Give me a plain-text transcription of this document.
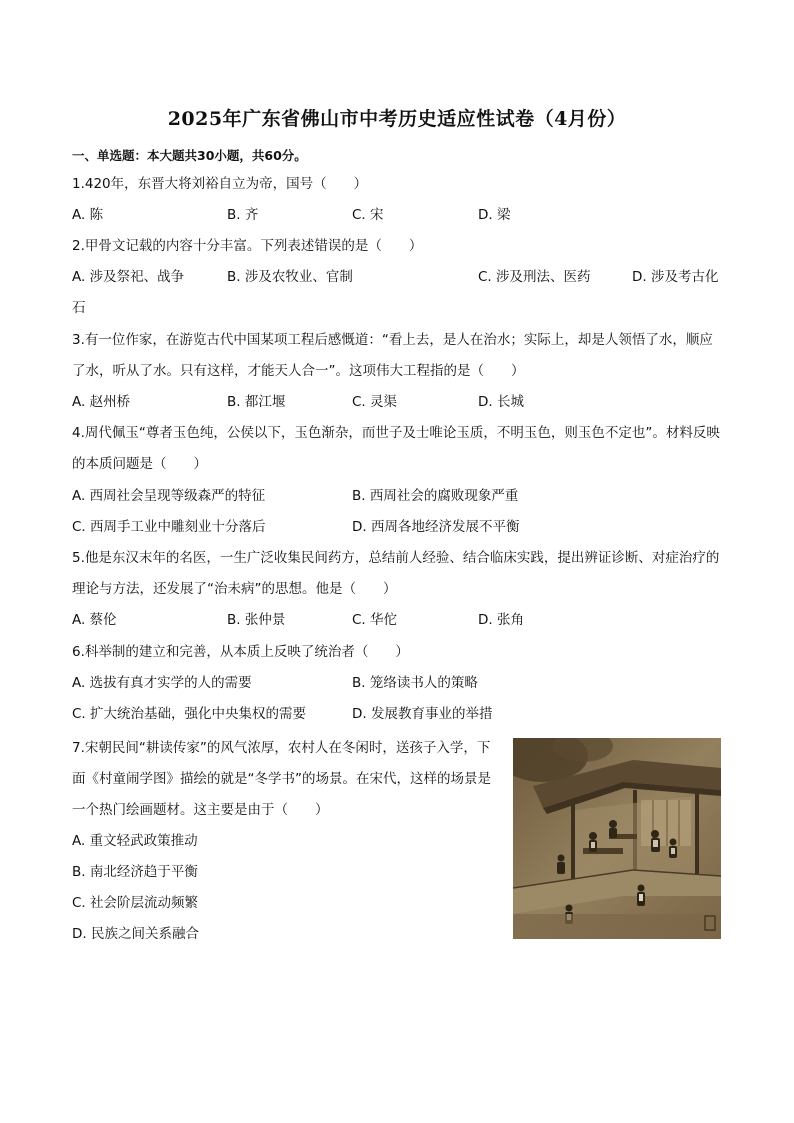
2025年广东省佛山市中考历史适应性试卷（4月份）
一、单选题：本大题共30小题，共60分。
1.420年，东晋大将刘裕自立为帝，国号（　　）
A. 陈	B. 齐	C. 宋	D. 梁
2.甲骨文记载的内容十分丰富。下列表述错误的是（　　）
A. 涉及祭祀、战争	B. 涉及农牧业、官制	C. 涉及刑法、医药	D. 涉及考古化
石
3.有一位作家，在游览古代中国某项工程后感慨道：“看上去，是人在治水；实际上，却是人领悟了水，顺应了水，听从了水。只有这样，才能天人合一”。这项伟大工程指的是（　　）
A. 赵州桥	B. 都江堰	C. 灵渠	D. 长城
4.周代佩玉“尊者玉色纯，公侯以下，玉色渐杂，而世子及士唯论玉质，不明玉色，则玉色不定也”。材料反映的本质问题是（　　）
A. 西周社会呈现等级森严的特征	B. 西周社会的腐败现象严重
C. 西周手工业中雕刻业十分落后	D. 西周各地经济发展不平衡
5.他是东汉末年的名医，一生广泛收集民间药方，总结前人经验、结合临床实践，提出辨证诊断、对症治疗的理论与方法，还发展了“治未病”的思想。他是（　　）
A. 蔡伦	B. 张仲景	C. 华佗	D. 张角
6.科举制的建立和完善，从本质上反映了统治者（　　）
A. 选拔有真才实学的人的需要	B. 笼络读书人的策略
C. 扩大统治基础，强化中央集权的需要	D. 发展教育事业的举措
7.宋朝民间“耕读传家”的风气浓厚，农村人在冬闲时，送孩子入学，下面《村童闹学图》描绘的就是“冬学书”的场景。在宋代，这样的场景是一个热门绘画题材。这主要是由于（　　）
A. 重文轻武政策推动
B. 南北经济趋于平衡
C. 社会阶层流动频繁
D. 民族之间关系融合
